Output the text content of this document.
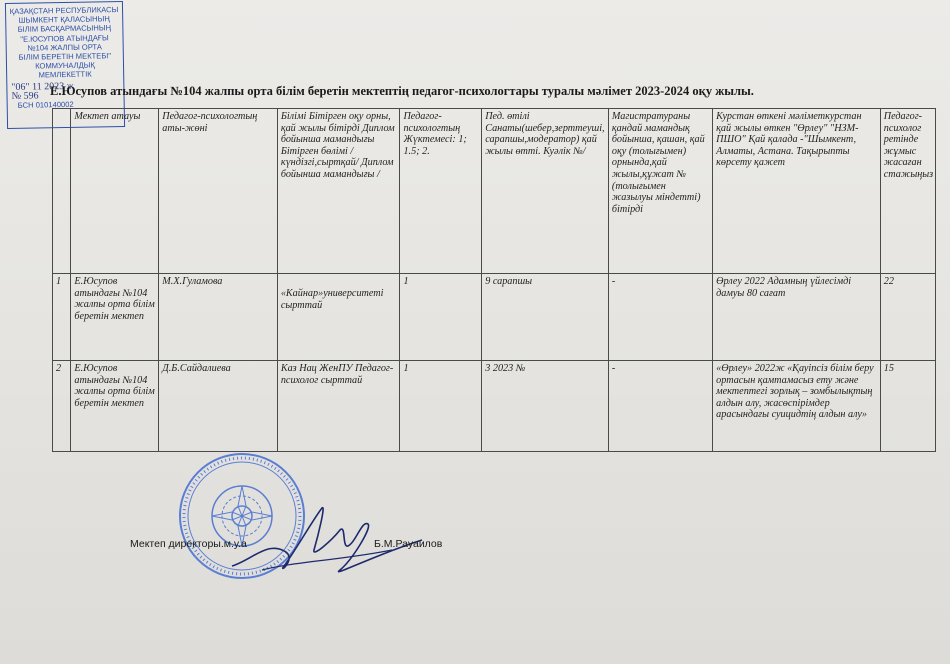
ҚАЗАҚСТАН РЕСПУБЛИКАСЫ
ШЫМКЕНТ ҚАЛАСЫНЫҢ
БІЛІМ БАСҚАРМАСЫНЫҢ
"Е.ЮСУПОВ АТЫНДАҒЫ
№104 ЖАЛПЫ ОРТА
БІЛІМ БЕРЕТІН МЕКТЕБІ"
КОММУНАЛДЫҚ
МЕМЛЕКЕТТІК
"06" 11 2023 ж
№ 596
БСН 010140002
Е.Юсупов атындағы №104 жалпы орта білім беретін мектептің педагог-психологтары туралы мәлімет 2023-2024 оқу жылы.
	Мектеп атауы	Педагог-психологтың аты-жөні	Білімі Бітірген оқу орны, қай жылы бітірді Диплом бойынша мамандығы Бітірген бөлімі /күндізгі,сыртқай/ Диплом бойынша мамандығы /	Педагог-психологтың Жүктемесі: 1; 1.5; 2.	Пед. өтілі Санаты(шебер,зерттеуші, сарапшы,модератор) қай жылы өтті. Куәлік №/	Магистратураны қандай мамандық бойынша, қашан, қай оқу (толығымен) орнында,қай жылы,құжат № (толығымен жазылуы міндетті) бітірді	Курстан өткені мәліметкурстан қай жылы өткен "Өрлеу" "НЗМ-ПШО" Қай қалада -"Шымкент, Алматы, Астана. Тақырыпты көрсету қажет	Педагог-психолог ретінде жұмыс жасаған стажыңыз
1	Е.Юсупов атындағы №104 жалпы орта білім беретін мектеп	М.Х.Гуламова	«Кайнар»университеті сырттай	1	9 сарапшы	-	Өрлеу 2022 Адамның үйлесімді дамуы 80 сағат	22
2	Е.Юсупов атындағы №104 жалпы орта білім беретін мектеп	Д.Б.Сайдалиева	Каз Нац ЖенПУ Педагог- психолог сырттай	1	3 2023 №	-	«Өрлеу» 2022ж «Қауіпсіз білім беру ортасын қамтамасыз ету және мектептегі зорлық – зомбылықтың алдын алу, жасөспірімдер арасындағы суицидтің алдын алу»	15
Мектеп директоры.м.у.а	Б.М.Рауаилов
